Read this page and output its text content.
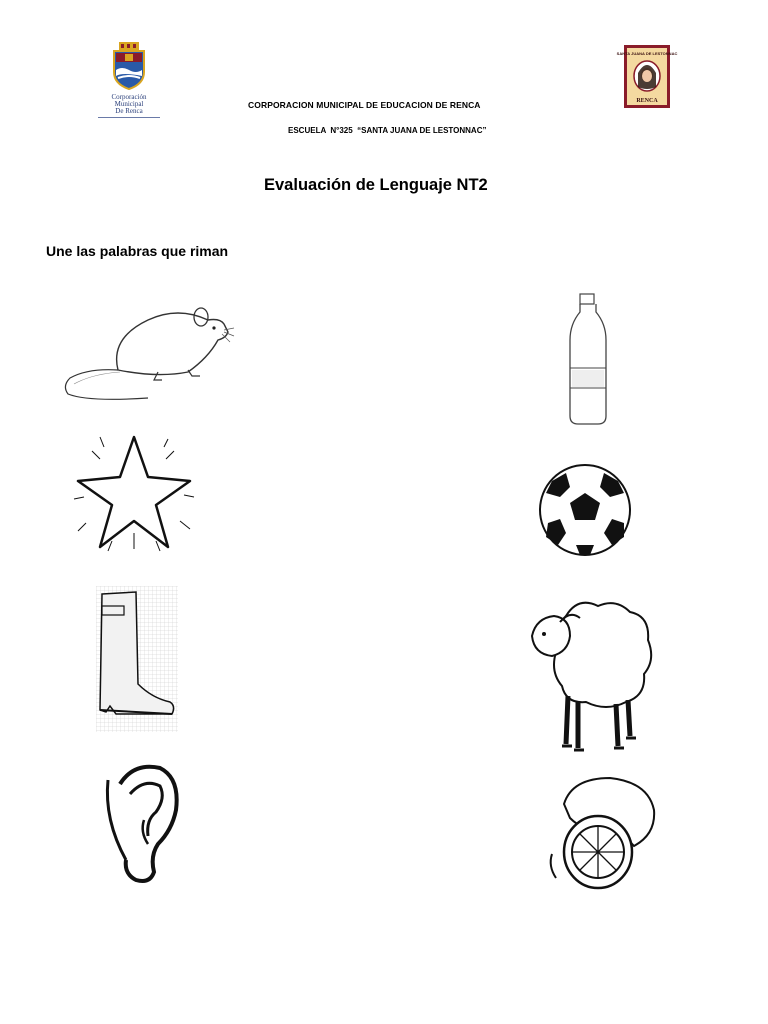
Corporación
Municipal
De Renca
SANTA JUANA DE LESTONNAC
RENCA
CORPORACION MUNICIPAL DE EDUCACION DE RENCA
ESCUELA  N°325  “SANTA JUANA DE LESTONNAC”
Evaluación de Lenguaje NT2
Une las palabras que riman
